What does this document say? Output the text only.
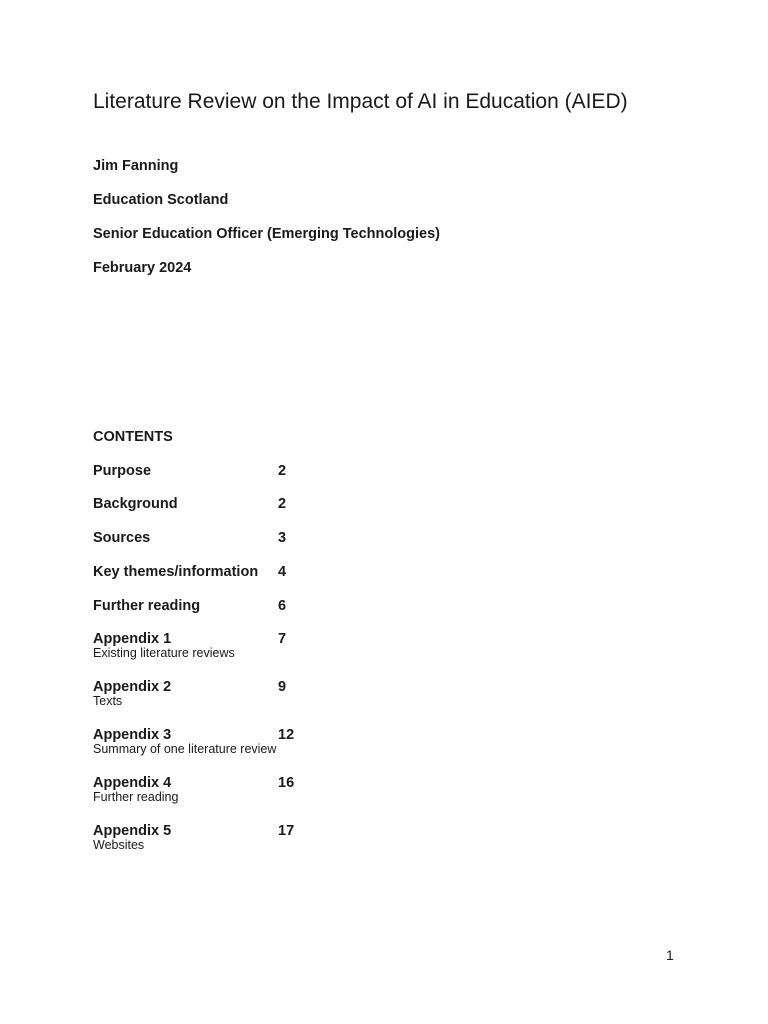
Literature Review on the Impact of AI in Education (AIED)

Jim Fanning

Education Scotland

Senior Education Officer (Emerging Technologies)

February 2024

CONTENTS

Purpose	2
Background	2
Sources	3
Key themes/information 4
Further reading	6
Appendix 1	7
Existing literature reviews
Appendix 2	9
Texts
Appendix 3	12
Summary of one literature review
Appendix 4	16
Further reading
Appendix 5	17
Websites
1
